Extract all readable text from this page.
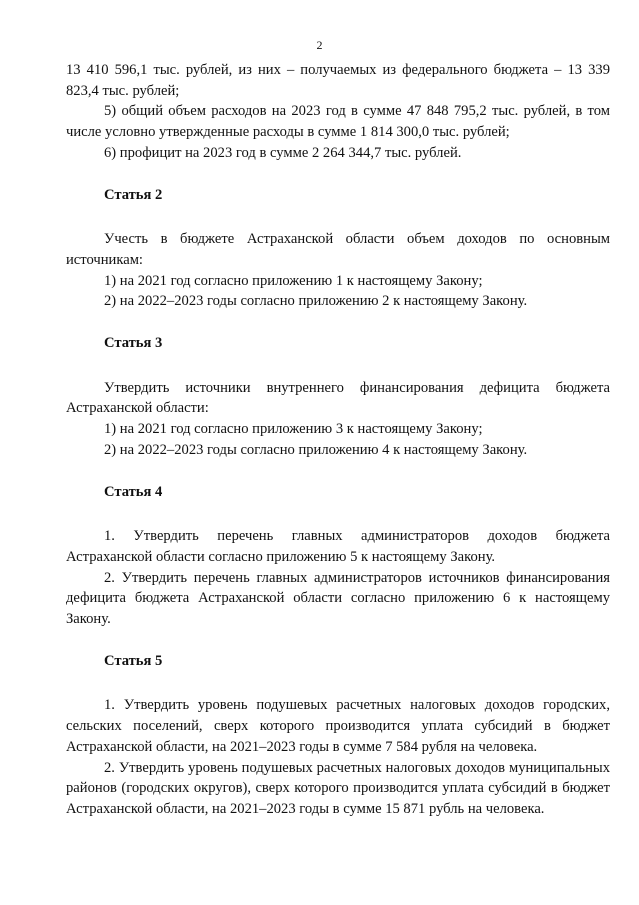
2

13 410 596,1 тыс. рублей, из них – получаемых из федерального бюджета – 13 339 823,4 тыс. рублей;

5) общий объем расходов на 2023 год в сумме 47 848 795,2 тыс. рублей, в том числе условно утвержденные расходы в сумме 1 814 300,0 тыс. рублей;

6) профицит на 2023 год в сумме 2 264 344,7 тыс. рублей.

Статья 2

Учесть в бюджете Астраханской области объем доходов по основным источникам:

1) на 2021 год согласно приложению 1 к настоящему Закону;

2) на 2022–2023 годы согласно приложению 2 к настоящему Закону.

Статья 3

Утвердить источники внутреннего финансирования дефицита бюджета Астраханской области:

1) на 2021 год согласно приложению 3 к настоящему Закону;

2) на 2022–2023 годы согласно приложению 4 к настоящему Закону.

Статья 4

1. Утвердить перечень главных администраторов доходов бюджета Астраханской области согласно приложению 5 к настоящему Закону.

2. Утвердить перечень главных администраторов источников финансирования дефицита бюджета Астраханской области согласно приложению 6 к настоящему Закону.

Статья 5

1. Утвердить уровень подушевых расчетных налоговых доходов городских, сельских поселений, сверх которого производится уплата субсидий в бюджет Астраханской области, на 2021–2023 годы в сумме 7 584 рубля на человека.

2. Утвердить уровень подушевых расчетных налоговых доходов муниципальных районов (городских округов), сверх которого производится уплата субсидий в бюджет Астраханской области, на 2021–2023 годы в сумме 15 871 рубль на человека.
